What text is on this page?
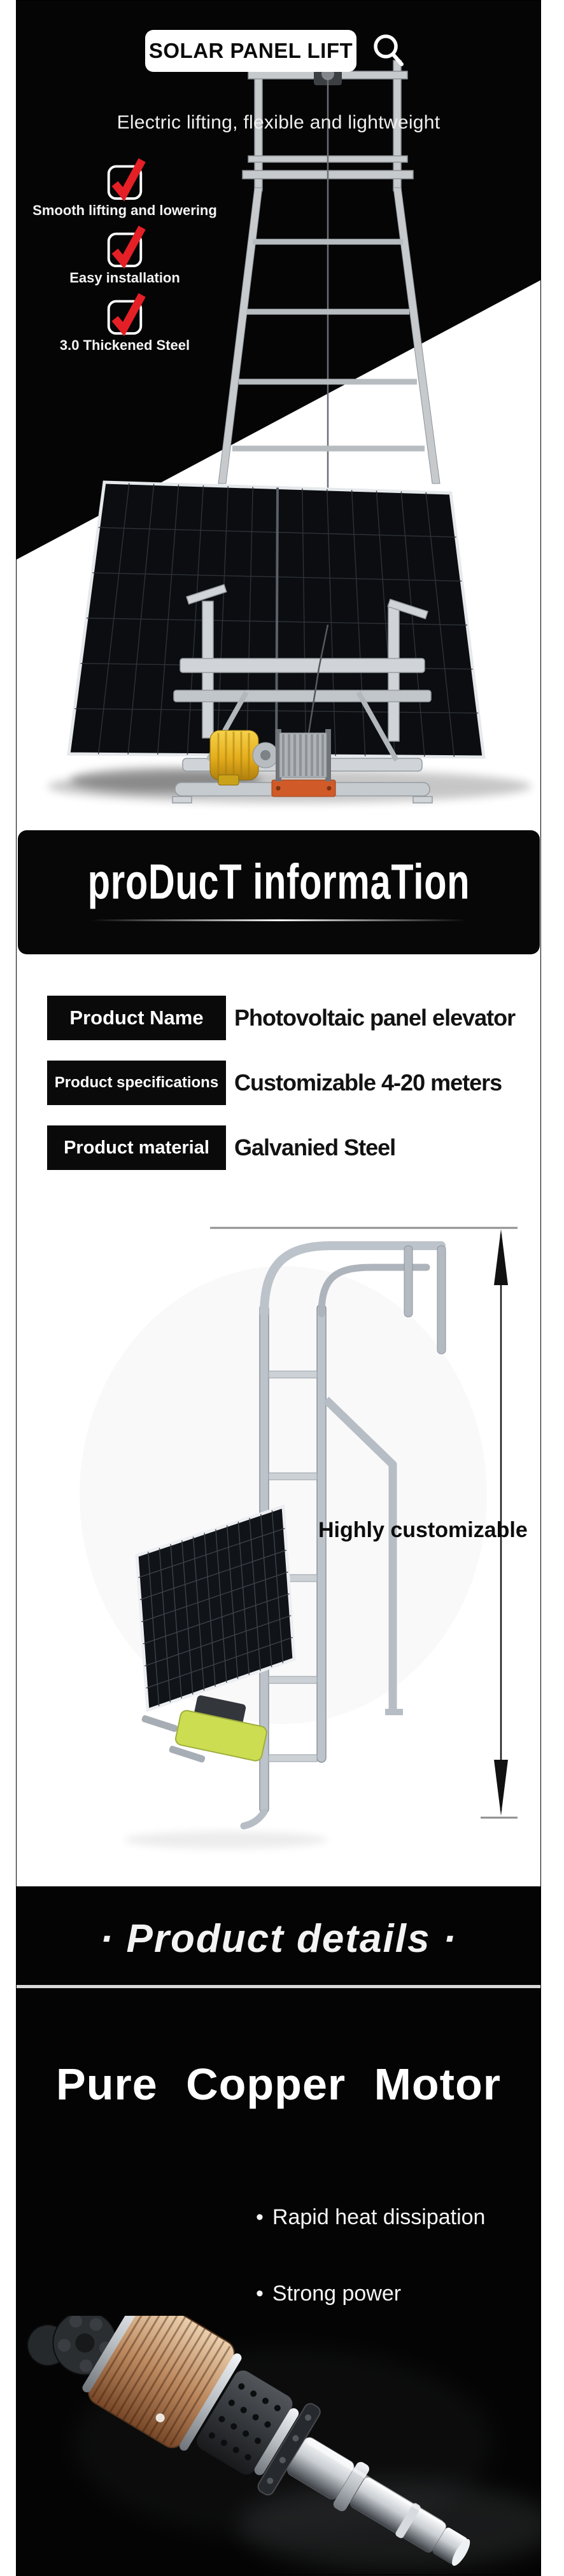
SOLAR PANEL LIFT
Electric lifting, flexible and lightweight
Smooth lifting and lowering
Easy installation
3.0 Thickened Steel
proDucT informaTion
Product Name	Photovoltaic panel elevator
Product specifications Customizable 4-20 meters
Product material	Galvanied Steel
Highly customizable
· Product details ·
Pure Copper Motor
• Rapid heat dissipation
• Strong power
